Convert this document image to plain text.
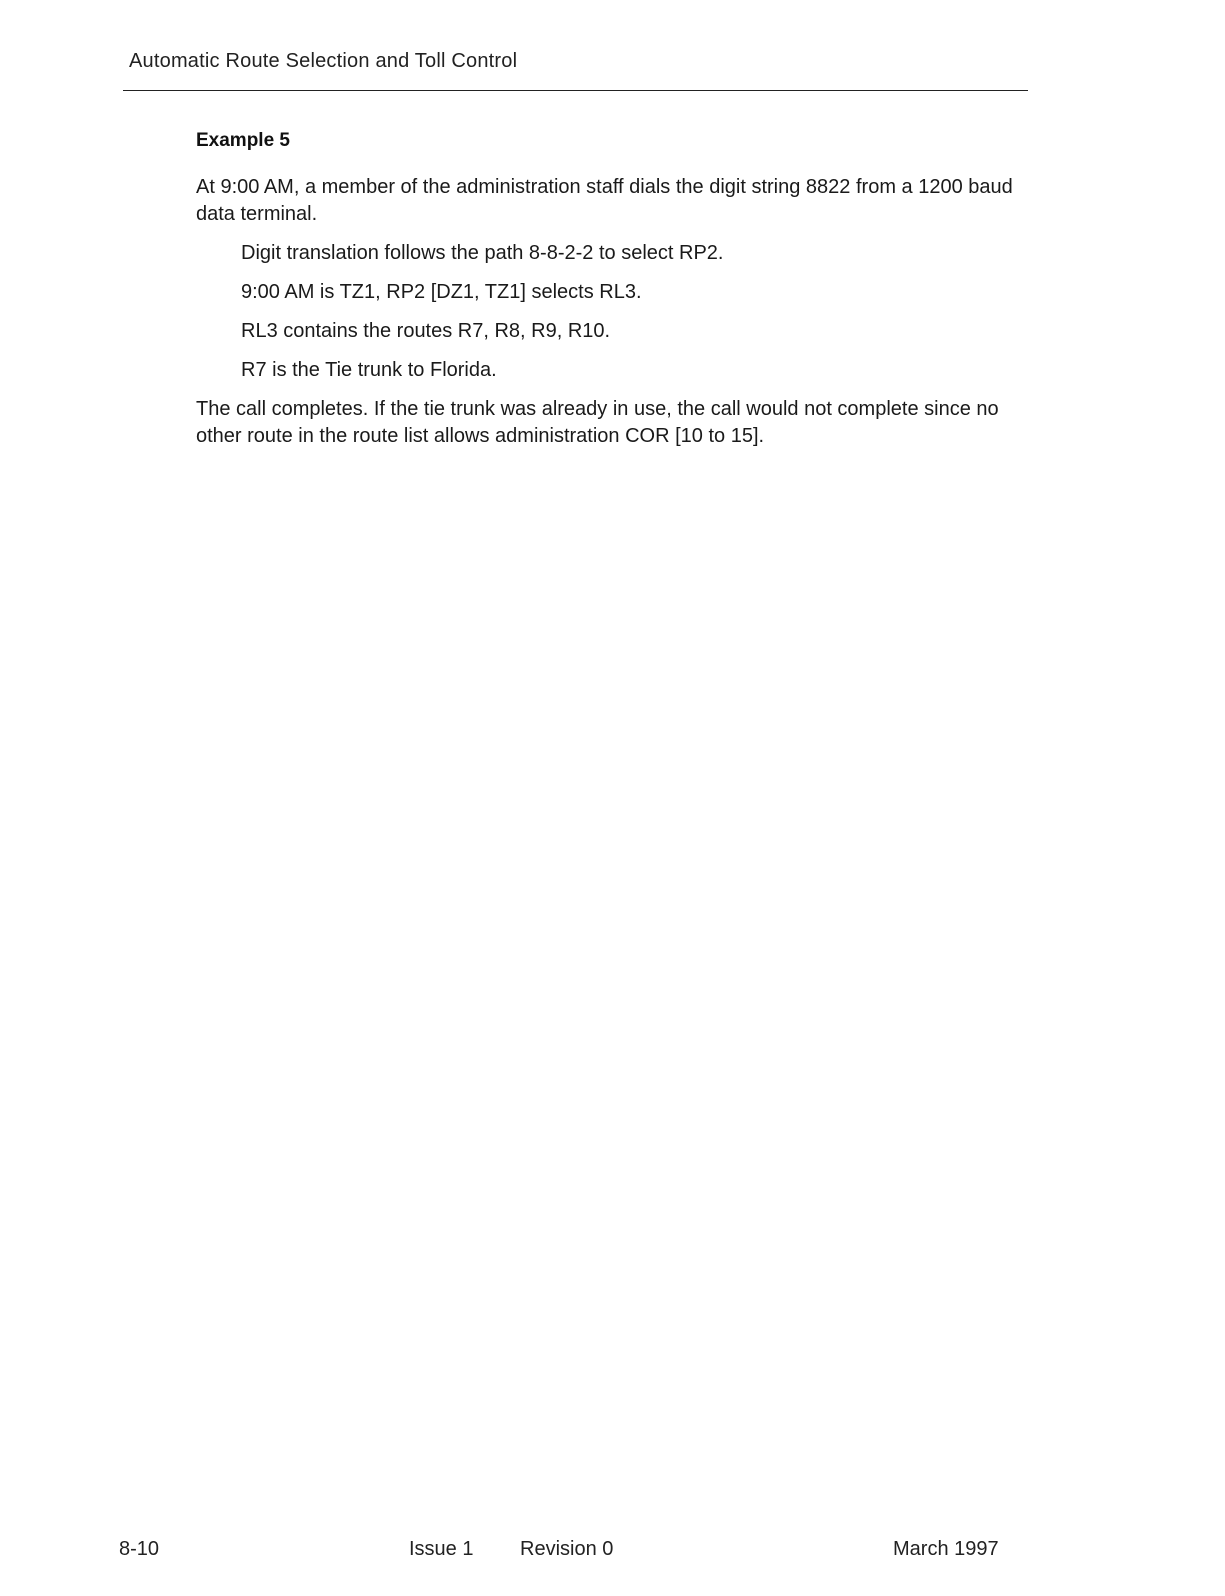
Automatic Route Selection and Toll Control
Example 5

At 9:00 AM, a member of the administration staff dials the digit string 8822 from a 1200 baud data terminal.

Digit translation follows the path 8-8-2-2 to select RP2.
9:00 AM is TZ1, RP2 [DZ1, TZ1] selects RL3.
RL3 contains the routes R7, R8, R9, R10.
R7 is the Tie trunk to Florida.

The call completes. If the tie trunk was already in use, the call would not complete since no other route in the route list allows administration COR [10 to 15].

8-10	Issue 1 Revision 0	March 1997
